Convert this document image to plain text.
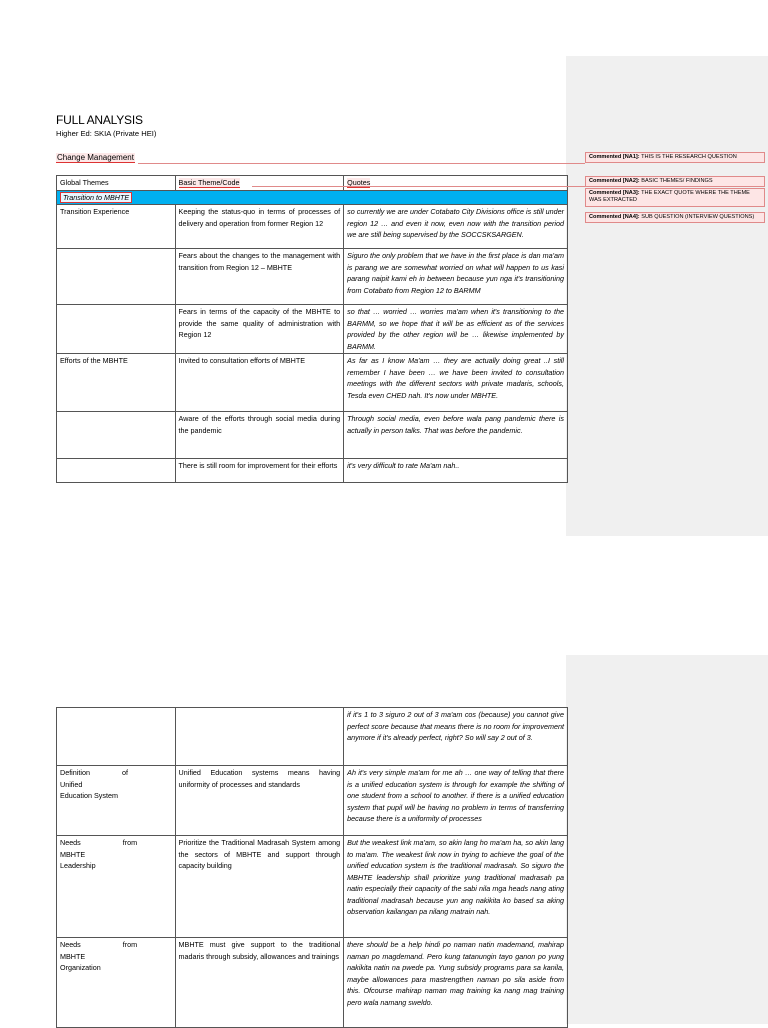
FULL ANALYSIS
Higher Ed: SKIA (Private HEI)
Change Management
Global Themes	Basic Theme/Code	Quotes
Transition to MBHTE		
Transition Experience	Keeping the status-quo in terms of processes of delivery and operation from former Region 12	so currently we are under Cotabato City Divisions office is still under region 12 … and even it now, even now with the transition period we are still being supervised by the SOCCSKSARGEN.
	Fears about the changes to the management with transition from Region 12 – MBHTE	Siguro the only problem that we have in the first place is dan ma'am is parang we are somewhat worried on what will happen to us kasi parang naipit kami eh in between because yun nga it's transitioning from Cotabato from Region 12 to BARMM
	Fears in terms of the capacity of the MBHTE to provide the same quality of administration with Region 12	so that … worried … worries ma'am when it's transitioning to the BARMM, so we hope that it will be as efficient as of the services provided by the other region will be … likewise implemented by BARMM.
Efforts of the MBHTE	Invited to consultation efforts of MBHTE	As far as I know Ma'am … they are actually doing great ..I still remember I have been … we have been invited to consultation meetings with the different sectors with private madaris, schools, Tesda even CHED nah. It's now under MBHTE.
	Aware of the efforts through social media during the pandemic	Through social media, even before wala pang pandemic there is actually in person talks. That was before the pandemic.
	There is still room for improvement for their efforts	it's very difficult to rate Ma'am nah..
		if it's 1 to 3 siguro 2 out of 3 ma'am cos (because) you cannot give perfect score because that means there is no room for improvement anymore if it's already perfect, right? So will say 2 out of 3.

Definition of Unified
Education System	Unified Education systems means having uniformity of processes and standards	Ah it's very simple ma'am for me ah … one way of telling that there is a unified education system is through for example the shifting of one student from a school to another. if there is a unified education system that pupil will be having no problem in terms of transferring because there is a uniformity of processes

Needs from MBHTE
Leadership	Prioritize the Traditional Madrasah System among the sectors of MBHTE and support through capacity building	But the weakest link ma'am, so akin lang ho ma'am ha, so akin lang to ma'am. The weakest link now in trying to achieve the goal of the unified education system is the traditional madrasah. So siguro the MBHTE leadership shall prioritize yung traditional madrasah pa natin especially their capacity of the sabi nila mga heads nang ating traditional madrasah because yun ang nakikita ko based sa aking observation kailangan pa nilang matrain nah.

Needs from MBHTE
Organization	MBHTE must give support to the traditional madaris through subsidy, allowances and trainings	there should be a help hindi po naman natin mademand, mahirap naman po magdemand. Pero kung tatanungin tayo ganon po yung nakikita natin na pwede pa. Yung subsidy programs para sa kanila, maybe allowances para mastrengthen naman po sila aside from this. Ofcourse mahirap naman mag training ka nang mag training pero wala namang sweldo.
Commented [NA1]: THIS IS THE RESEARCH QUESTION
Commented [NA2]: BASIC THEMES/ FINDINGS
Commented [NA3]: THE EXACT QUOTE WHERE THE THEME WAS EXTRACTED
Commented [NA4]: SUB QUESTION (INTERVIEW QUESTIONS)
